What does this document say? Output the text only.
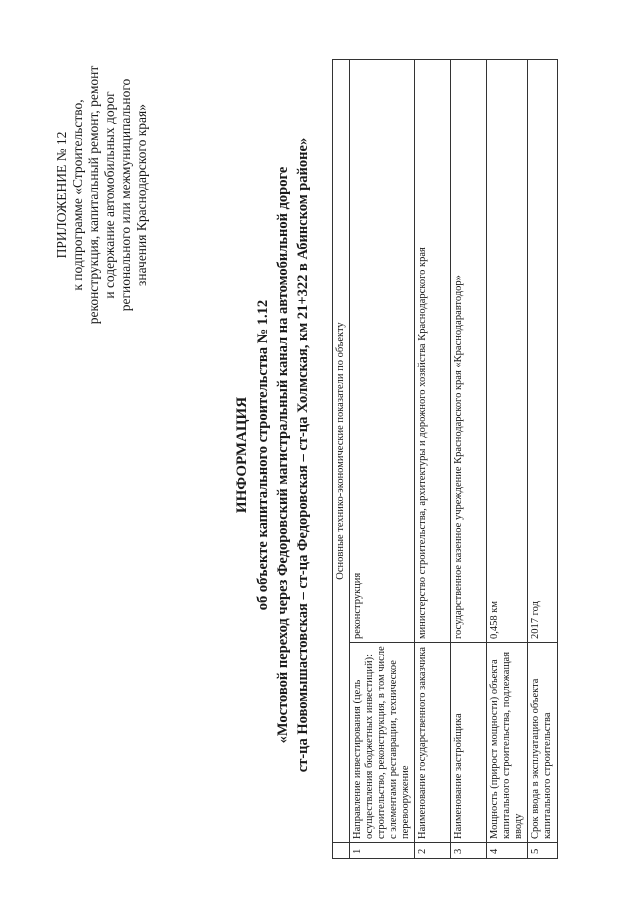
ПРИЛОЖЕНИЕ № 12 к подпрограмме «Строительство, реконструкция, капитальный ремонт, ремонт и содержание автомобильных дорог регионального или межмуниципального значения Краснодарского края»
ИНФОРМАЦИЯ об объекте капитального строительства № 1.12 «Мостовой переход через Федоровский магистральный канал на автомобильной дороге ст-ца Новомышастовская – ст-ца Федоровская – ст-ца Холмская, км 21+322 в Абинском районе»
	Основные технико-экономические показатели по объекту	
1	Направление инвестирования (цель осуществления бюджетных инвестиций): строительство, реконструкция, в том числе с элементами реставрации, техническое перевооружение	реконструкция
2	Наименование государственного заказчика	министерство строительства, архитектуры и дорожного хозяйства Краснодарского края
3	Наименование застройщика	государственное казенное учреждение Краснодарского края «Краснодаравтодор»
4	Мощность (прирост мощности) объекта капитального строительства, подлежащая вводу	0,458 км
5	Срок ввода в эксплуатацию объекта капитального строительства	2017 год
